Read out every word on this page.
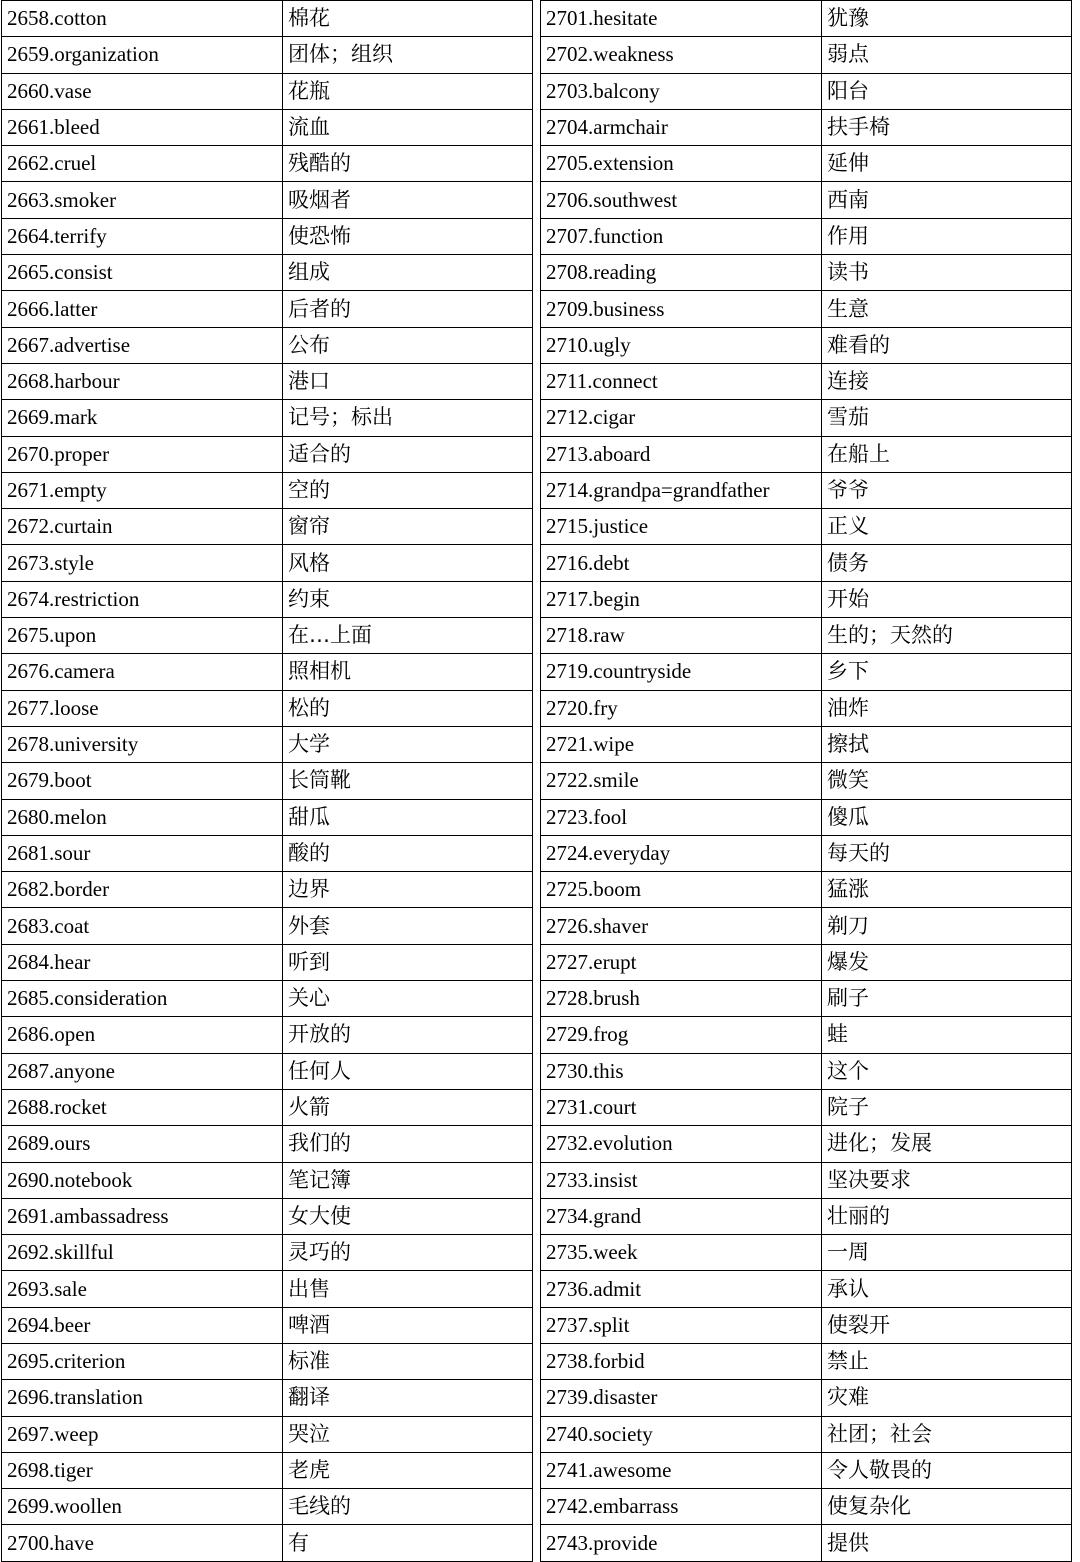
2658.cotton	棉花
2659.organization	团体；组织
2660.vase	花瓶
2661.bleed	流血
2662.cruel	残酷的
2663.smoker	吸烟者
2664.terrify	使恐怖
2665.consist	组成
2666.latter	后者的
2667.advertise	公布
2668.harbour	港口
2669.mark	记号；标出
2670.proper	适合的
2671.empty	空的
2672.curtain	窗帘
2673.style	风格
2674.restriction	约束
2675.upon	在…上面
2676.camera	照相机
2677.loose	松的
2678.university	大学
2679.boot	长筒靴
2680.melon	甜瓜
2681.sour	酸的
2682.border	边界
2683.coat	外套
2684.hear	听到
2685.consideration	关心
2686.open	开放的
2687.anyone	任何人
2688.rocket	火箭
2689.ours	我们的
2690.notebook	笔记簿
2691.ambassadress	女大使
2692.skillful	灵巧的
2693.sale	出售
2694.beer	啤酒
2695.criterion	标准
2696.translation	翻译
2697.weep	哭泣
2698.tiger	老虎
2699.woollen	毛线的
2700.have	有
2701.hesitate	犹豫
2702.weakness	弱点
2703.balcony	阳台
2704.armchair	扶手椅
2705.extension	延伸
2706.southwest	西南
2707.function	作用
2708.reading	读书
2709.business	生意
2710.ugly	难看的
2711.connect	连接
2712.cigar	雪茄
2713.aboard	在船上
2714.grandpa=grandfather	爷爷
2715.justice	正义
2716.debt	债务
2717.begin	开始
2718.raw	生的；天然的
2719.countryside	乡下
2720.fry	油炸
2721.wipe	擦拭
2722.smile	微笑
2723.fool	傻瓜
2724.everyday	每天的
2725.boom	猛涨
2726.shaver	剃刀
2727.erupt	爆发
2728.brush	刷子
2729.frog	蛙
2730.this	这个
2731.court	院子
2732.evolution	进化；发展
2733.insist	坚决要求
2734.grand	壮丽的
2735.week	一周
2736.admit	承认
2737.split	使裂开
2738.forbid	禁止
2739.disaster	灾难
2740.society	社团；社会
2741.awesome	令人敬畏的
2742.embarrass	使复杂化
2743.provide	提供
